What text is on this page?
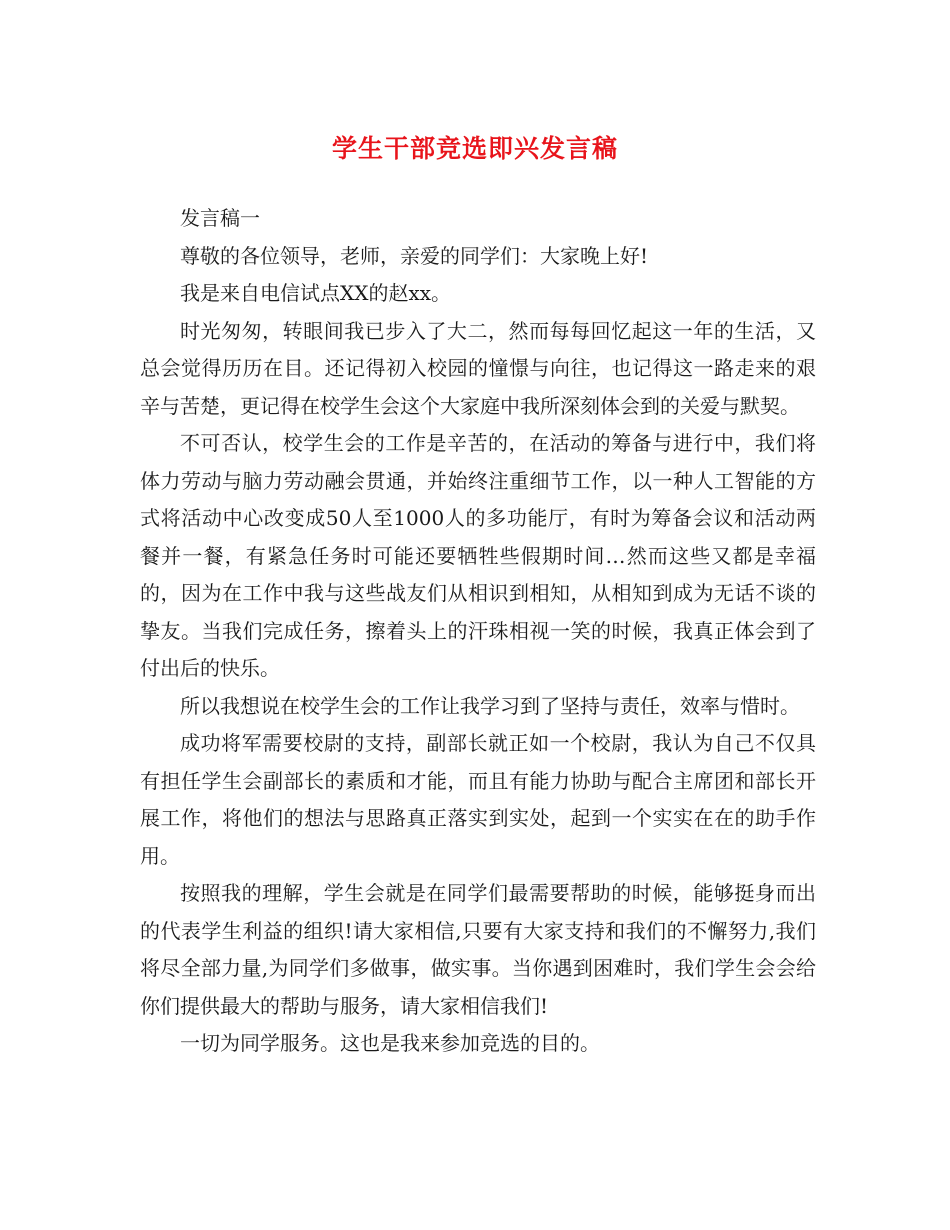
学生干部竞选即兴发言稿

发言稿一

尊敬的各位领导，老师，亲爱的同学们：大家晚上好!

我是来自电信试点XX的赵xx。

时光匆匆，转眼间我已步入了大二，然而每每回忆起这一年的生活，又总会觉得历历在目。还记得初入校园的憧憬与向往，也记得这一路走来的艰辛与苦楚，更记得在校学生会这个大家庭中我所深刻体会到的关爱与默契。

不可否认，校学生会的工作是辛苦的，在活动的筹备与进行中，我们将体力劳动与脑力劳动融会贯通，并始终注重细节工作，以一种人工智能的方式将活动中心改变成50人至1000人的多功能厅，有时为筹备会议和活动两餐并一餐，有紧急任务时可能还要牺牲些假期时间…然而这些又都是幸福的，因为在工作中我与这些战友们从相识到相知，从相知到成为无话不谈的挚友。当我们完成任务，擦着头上的汗珠相视一笑的时候，我真正体会到了付出后的快乐。

所以我想说在校学生会的工作让我学习到了坚持与责任，效率与惜时。

成功将军需要校尉的支持，副部长就正如一个校尉，我认为自己不仅具有担任学生会副部长的素质和才能，而且有能力协助与配合主席团和部长开展工作，将他们的想法与思路真正落实到实处，起到一个实实在在的助手作用。

按照我的理解，学生会就是在同学们最需要帮助的时候，能够挺身而出的代表学生利益的组织!请大家相信,只要有大家支持和我们的不懈努力,我们将尽全部力量,为同学们多做事，做实事。当你遇到困难时，我们学生会会给你们提供最大的帮助与服务，请大家相信我们!

一切为同学服务。这也是我来参加竞选的目的。
